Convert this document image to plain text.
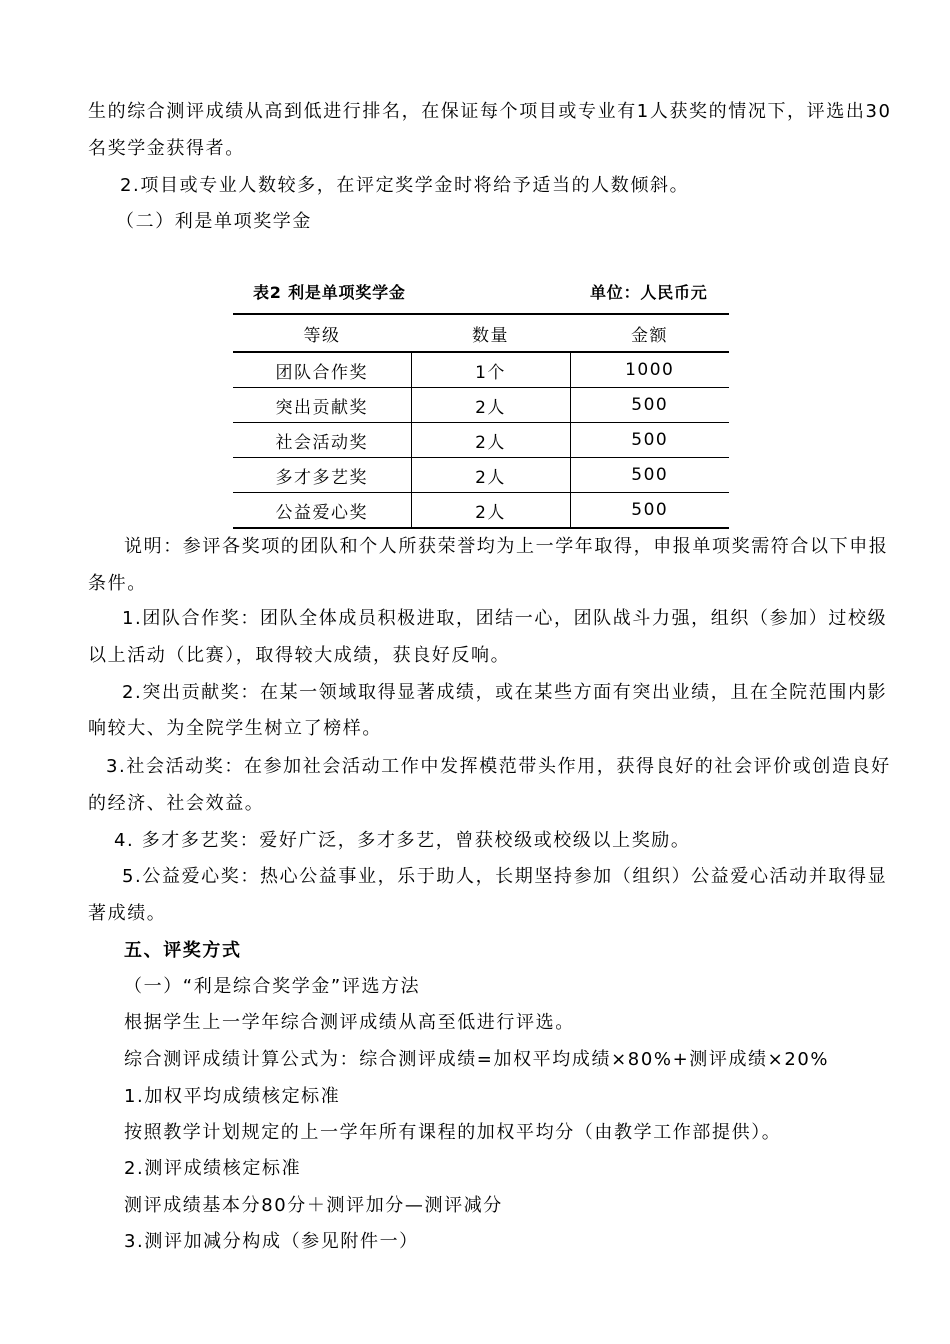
生的综合测评成绩从高到低进行排名，在保证每个项目或专业有1人获奖的情况下，评选出30
名奖学金获得者。
2.项目或专业人数较多，在评定奖学金时将给予适当的人数倾斜。
（二）利是单项奖学金
表2 利是单项奖学金	单位：人民币元
等级	数量	金额
团队合作奖	1个	1000
突出贡献奖	2人	500
社会活动奖	2人	500
多才多艺奖	2人	500
公益爱心奖	2人	500
说明：参评各奖项的团队和个人所获荣誉均为上一学年取得，申报单项奖需符合以下申报
条件。
1.团队合作奖：团队全体成员积极进取，团结一心，团队战斗力强，组织（参加）过校级
以上活动（比赛），取得较大成绩，获良好反响。
2.突出贡献奖：在某一领域取得显著成绩，或在某些方面有突出业绩，且在全院范围内影
响较大、为全院学生树立了榜样。
3.社会活动奖：在参加社会活动工作中发挥模范带头作用，获得良好的社会评价或创造良好
的经济、社会效益。
4. 多才多艺奖：爱好广泛，多才多艺，曾获校级或校级以上奖励。
5.公益爱心奖：热心公益事业，乐于助人，长期坚持参加（组织）公益爱心活动并取得显
著成绩。
五、评奖方式
（一）“利是综合奖学金”评选方法
根据学生上一学年综合测评成绩从高至低进行评选。
综合测评成绩计算公式为：综合测评成绩=加权平均成绩×80%+测评成绩×20%
1.加权平均成绩核定标准
按照教学计划规定的上一学年所有课程的加权平均分（由教学工作部提供）。
2.测评成绩核定标准
测评成绩基本分80分＋测评加分—测评减分
3.测评加减分构成（参见附件一）
